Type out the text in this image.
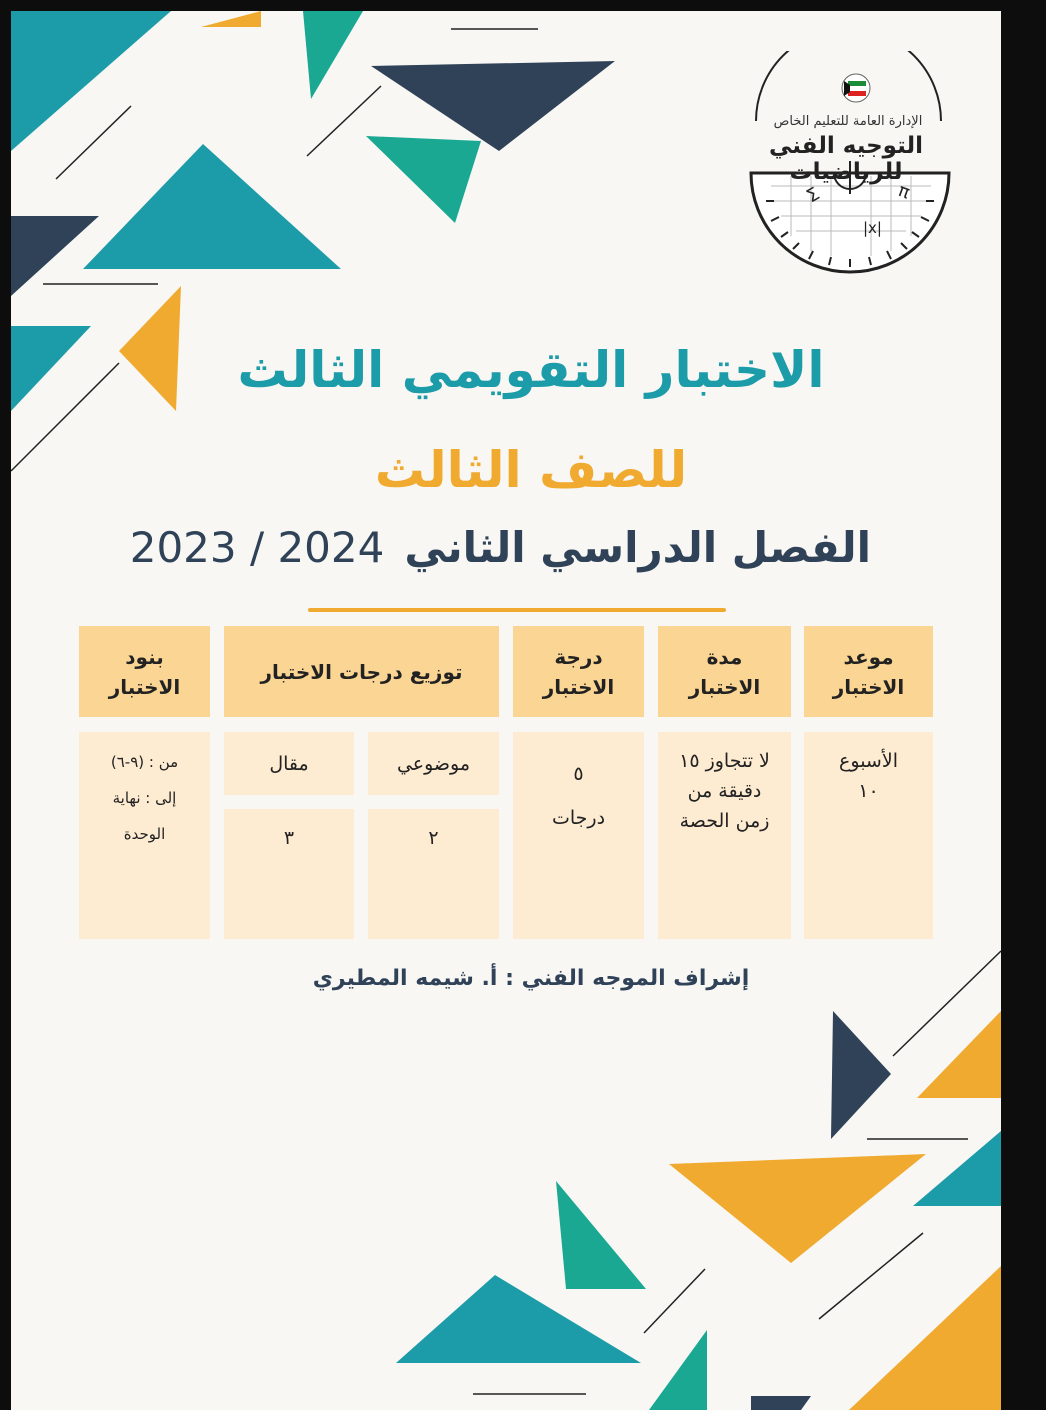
Σ	π
|x|
الإدارة العامة للتعليم الخاص
التوجيه الفني للرياضيات
الاختبار التقويمي الثالث
للصف الثالث
الفصل الدراسي الثاني2023 / 2024
موعد
الاختبار
مدة
الاختبار
درجة
الاختبار
توزيع درجات الاختبار
بنود
الاختبار
الأسبوع
١٠
لا تتجاوز ١٥
دقيقة من
زمن الحصة
٥
درجات
موضوعي
مقال
٢
٣
من : (٩-٦)
إلى : نهاية
الوحدة
إشراف الموجه الفني : أ. شيمه المطيري
